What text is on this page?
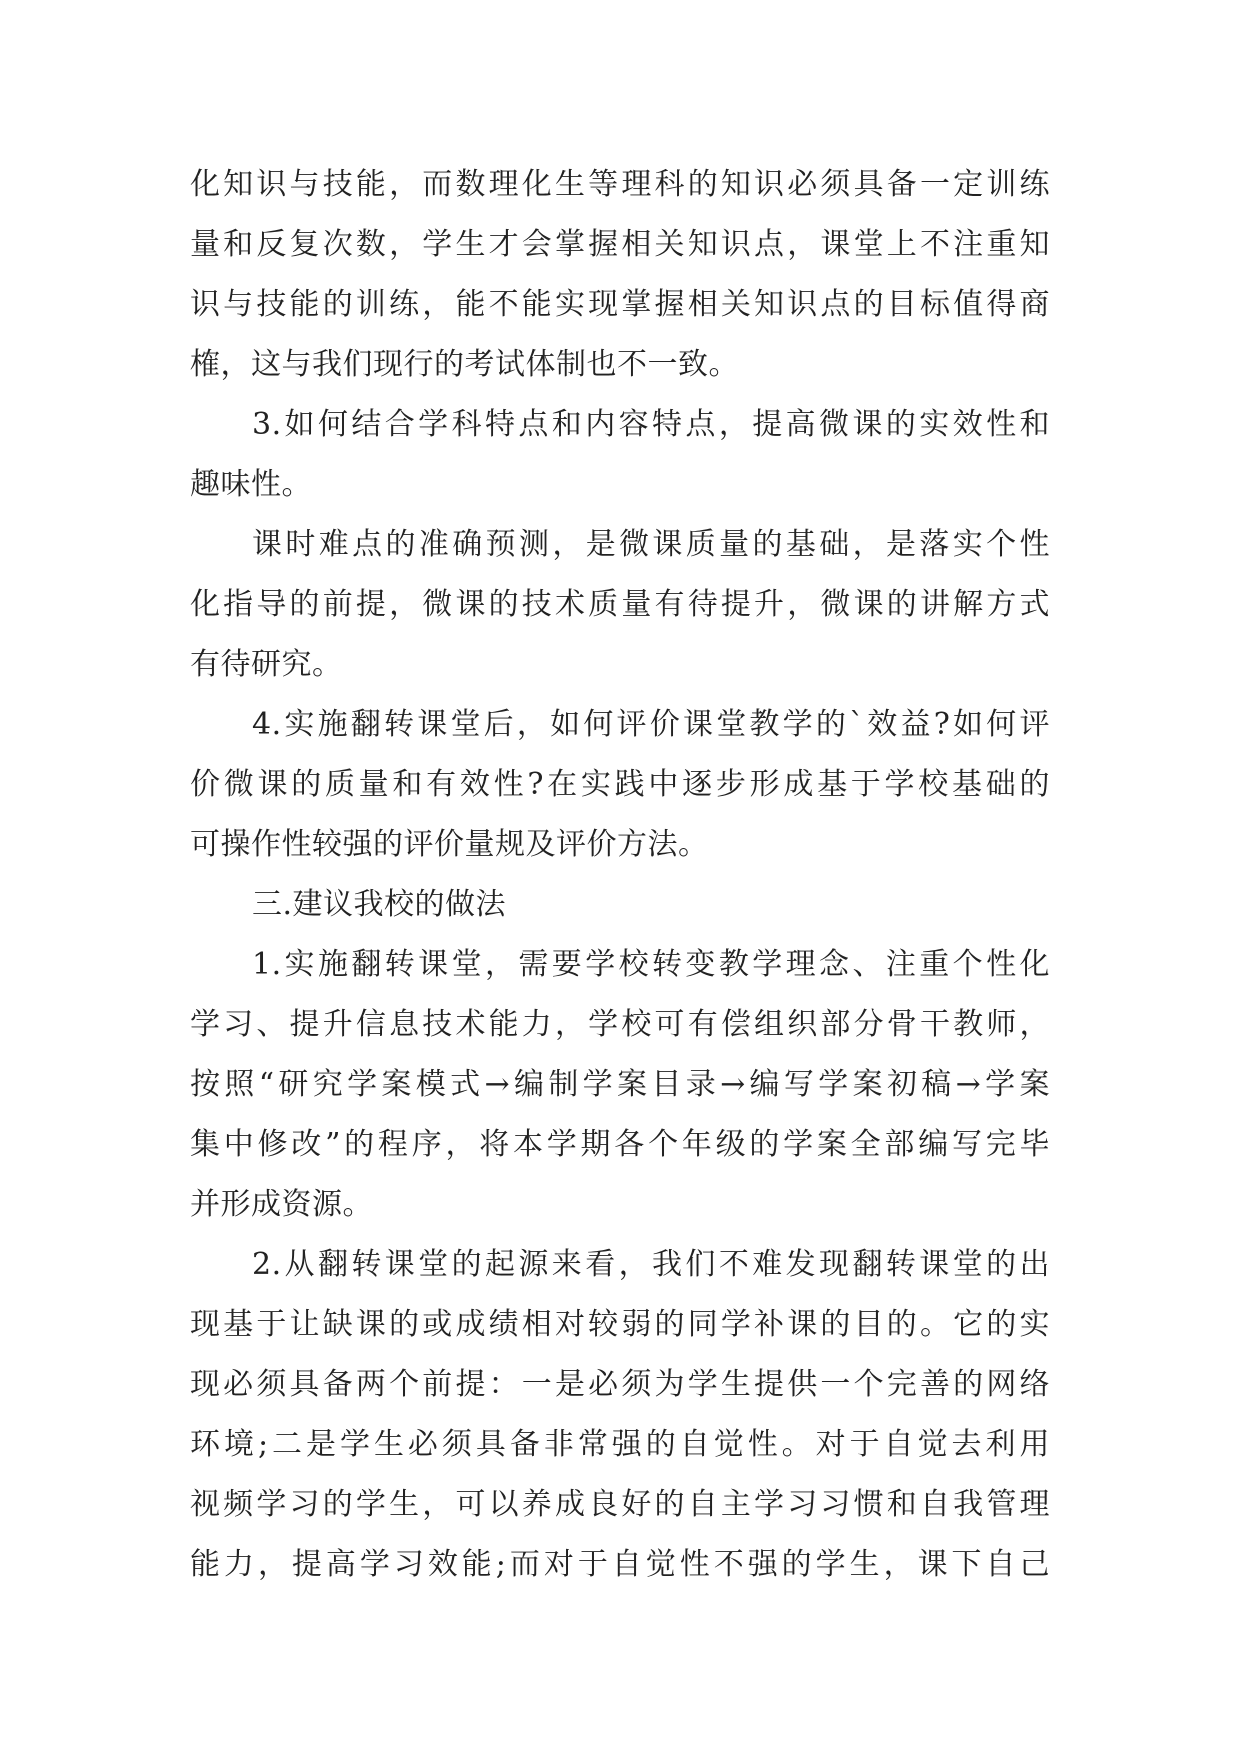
化知识与技能，而数理化生等理科的知识必须具备一定训练
量和反复次数，学生才会掌握相关知识点，课堂上不注重知
识与技能的训练，能不能实现掌握相关知识点的目标值得商
榷，这与我们现行的考试体制也不一致。
3.如何结合学科特点和内容特点，提高微课的实效性和
趣味性。
课时难点的准确预测，是微课质量的基础，是落实个性
化指导的前提，微课的技术质量有待提升，微课的讲解方式
有待研究。
4.实施翻转课堂后，如何评价课堂教学的`效益?如何评
价微课的质量和有效性?在实践中逐步形成基于学校基础的
可操作性较强的评价量规及评价方法。
三.建议我校的做法
1.实施翻转课堂，需要学校转变教学理念、注重个性化
学习、提升信息技术能力，学校可有偿组织部分骨干教师，
按照“研究学案模式→编制学案目录→编写学案初稿→学案
集中修改”的程序，将本学期各个年级的学案全部编写完毕
并形成资源。
2.从翻转课堂的起源来看，我们不难发现翻转课堂的出
现基于让缺课的或成绩相对较弱的同学补课的目的。它的实
现必须具备两个前提：一是必须为学生提供一个完善的网络
环境;二是学生必须具备非常强的自觉性。对于自觉去利用
视频学习的学生，可以养成良好的自主学习习惯和自我管理
能力，提高学习效能;而对于自觉性不强的学生，课下自己
